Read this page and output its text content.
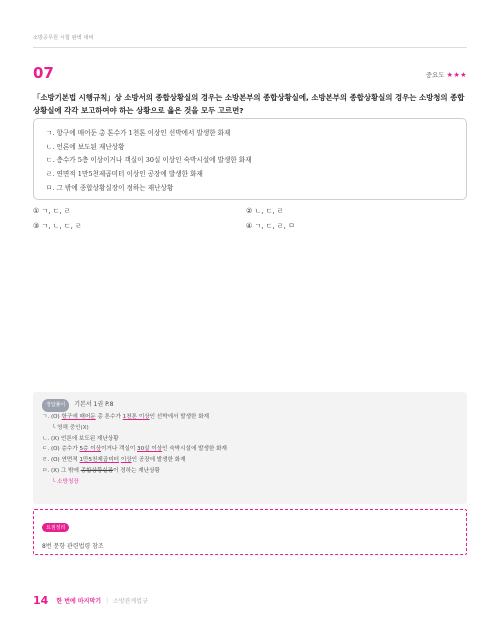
소방공무원 시험 완벽 대비
07	중요도 ★★★
「소방기본법 시행규칙」상 소방서의 종합상황실의 경우는 소방본부의 종합상황실에, 소방본부의 종합상황실의 경우는 소방청의 종합상황실에 각각 보고하여야 하는 상황으로 옳은 것을 모두 고르면?
ㄱ. 항구에 매어둔 총 톤수가 1천톤 이상인 선박에서 발생한 화재
ㄴ. 언론에 보도된 재난상황
ㄷ. 층수가 5층 이상이거나 객실이 30실 이상인 숙박시설에 발생한 화재
ㄹ. 연면적 1만5천제곱미터 이상인 공장에 발생한 화재
ㅁ. 그 밖에 종합상황실장이 정하는 재난상황
① ㄱ, ㄷ, ㄹ	② ㄴ, ㄷ, ㄹ
③ ㄱ, ㄴ, ㄷ, ㄹ	④ ㄱ, ㄷ, ㄹ, ㅁ
정답풀이 기본서 1권 P.8
ㄱ. (O) 항구에 매어둔 총 톤수가 1천톤 이상인 선박에서 발생한 화재
└ 영해 중인(X)
ㄴ. (X) 언론에 보도된 재난상황
ㄷ. (O) 층수가 5층 이상이거나 객실이 30실 이상인 숙박시설에 발생한 화재
ㄹ. (O) 연면적 1만5천제곱미터 이상인 공장에 발생한 화재
ㅁ. (X) 그 밖에 종합상황실장이 정하는 재난상황
└ 소방청장
요점정리
8번 문항 관련법령 참조
14 한 번에 마지막기 | 소방관계법규
